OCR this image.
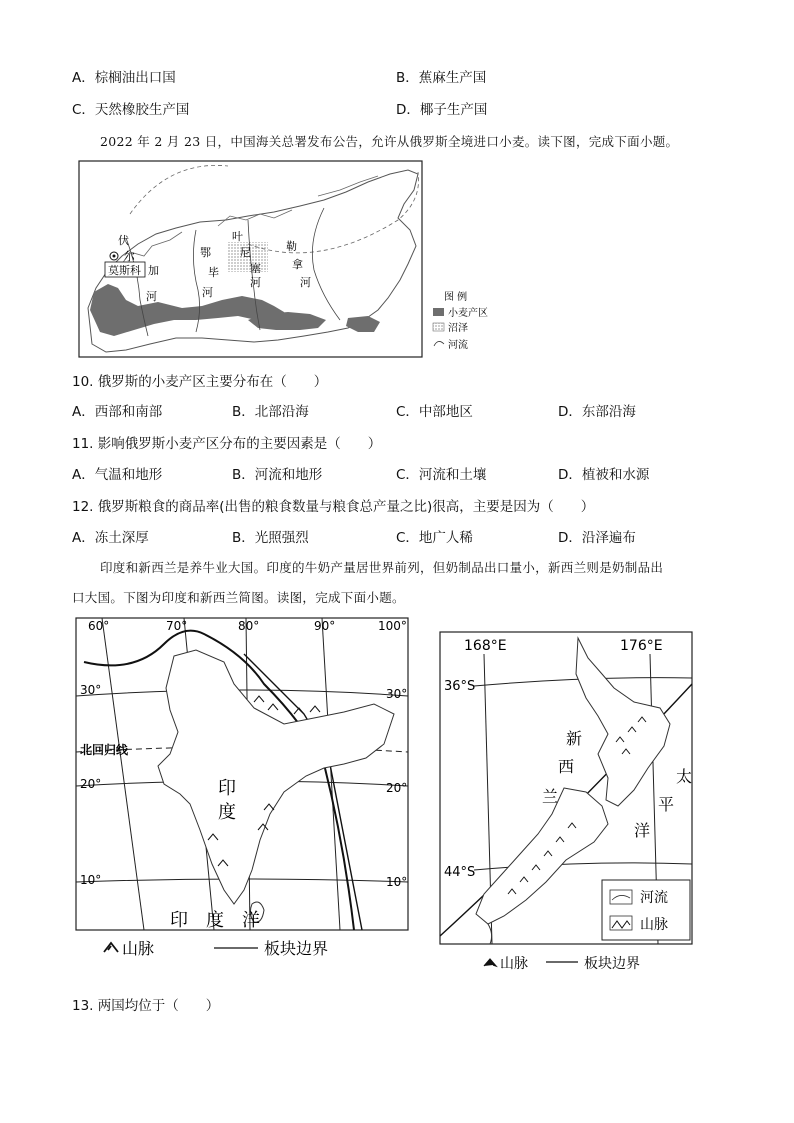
A．棕榈油出口国	B．蕉麻生产国
C．天然橡胶生产国	D．椰子生产国
2022 年 2 月 23 日，中国海关总署发布公告，允许从俄罗斯全境进口小麦。读下图，完成下面小题。
莫斯科
伏
尔
加
河
鄂
毕
河
叶
尼
塞
河
勒
拿
河
图 例
小麦产区
沼泽
河流
10. 俄罗斯的小麦产区主要分布在（　　）
A．西部和南部	B．北部沿海	C．中部地区	D．东部沿海
11. 影响俄罗斯小麦产区分布的主要因素是（　　）
A．气温和地形	B．河流和地形	C．河流和土壤	D．植被和水源
12. 俄罗斯粮食的商品率(出售的粮食数量与粮食总产量之比)很高，主要是因为（　　）
A．冻土深厚	B．光照强烈	C．地广人稀	D．沿泽遍布
印度和新西兰是养牛业大国。印度的牛奶产量居世界前列，但奶制品出口量小，新西兰则是奶制品出
口大国。下图为印度和新西兰简图。读图，完成下面小题。
60°	70°	80°	90°	100°
30°	30°
北回归线
20°	20°
10°	10°
印
度
印　度　洋
山脉	板块边界
168°E	176°E
36°S
44°S
新
西
兰
太
平
洋
河流
山脉
山脉	板块边界
13. 两国均位于（　　）
